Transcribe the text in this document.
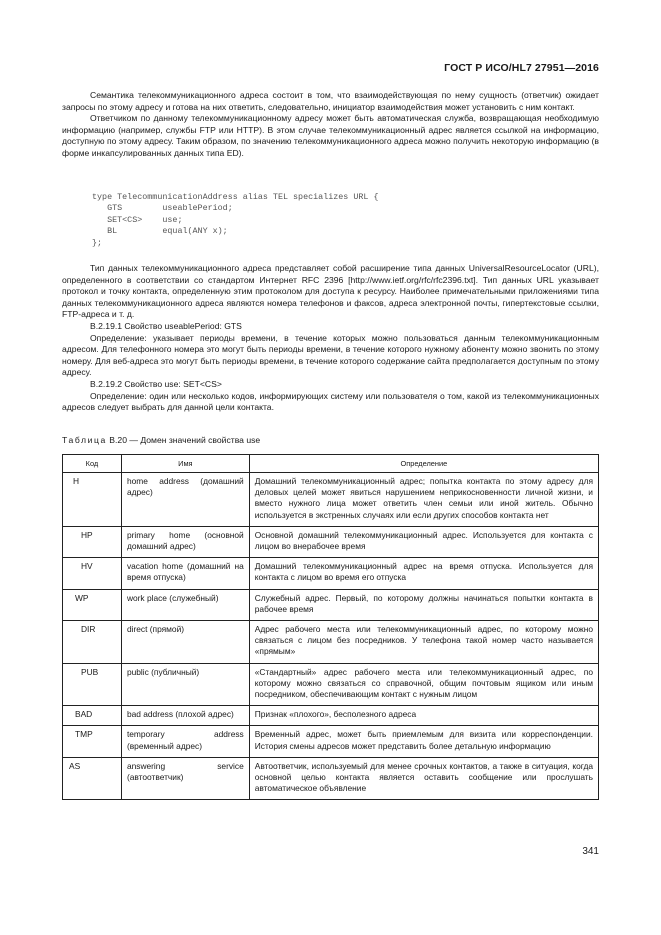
ГОСТ Р ИСО/HL7 27951—2016

Семантика телекоммуникационного адреса состоит в том, что взаимодействующая по нему сущность (ответчик) ожидает запросы по этому адресу и готова на них ответить, следовательно, инициатор взаимодействия может установить с ним контакт.

Ответчиком по данному телекоммуникационному адресу может быть автоматическая служба, возвращающая необходимую информацию (например, службы FTP или HTTP). В этом случае телекоммуникационный адрес является ссылкой на информацию, доступную по этому адресу. Таким образом, по значению телекоммуникационного адреса можно получить некоторую информацию (в форме инкапсулированных данных типа ED).

type TelecommunicationAddress alias TEL specializes URL {
GTS        useablePeriod;
SET<CS>    use;
BL         equal(ANY x);
};

Тип данных телекоммуникационного адреса представляет собой расширение типа данных UniversalResourceLocator (URL), определенного в соответствии со стандартом Интернет RFC 2396 [http://www.ietf.org/rfc/rfc2396.txt]. Тип данных URL указывает протокол и точку контакта, определенную этим протоколом для доступа к ресурсу. Наиболее примечательными приложениями типа данных телекоммуникационного адреса являются номера телефонов и факсов, адреса электронной почты, гипертекстовые ссылки, FTP-адреса и т. д.

В.2.19.1 Свойство useablePeriod: GTS

Определение: указывает периоды времени, в течение которых можно пользоваться данным телекоммуникационным адресом. Для телефонного номера это могут быть периоды времени, в течение которого нужному абоненту можно звонить по этому номеру. Для веб-адреса это могут быть периоды времени, в течение которого содержание сайта предполагается доступным по этому адресу.

В.2.19.2 Свойство use: SET<CS>

Определение: один или несколько кодов, информирующих систему или пользователя о том, какой из телекоммуникационных адресов следует выбрать для данной цели контакта.

Таблица В.20 — Домен значений свойства use
Код	Имя	Определение
H	home address (домашний адрес)	Домашний телекоммуникационный адрес; попытка контакта по этому адресу для деловых целей может явиться нарушением неприкосновенности личной жизни, и вместо нужного лица может ответить член семьи или иной житель. Обычно используется в экстренных случаях или если других способов контакта нет
HP	primary home (основной домашний адрес)	Основной домашний телекоммуникационный адрес. Используется для контакта с лицом во внерабочее время
HV	vacation home (домашний на время отпуска)	Домашний телекоммуникационный адрес на время отпуска. Используется для контакта с лицом во время его отпуска
WP	work place (служебный)	Служебный адрес. Первый, по которому должны начинаться попытки контакта в рабочее время
DIR	direct (прямой)	Адрес рабочего места или телекоммуникационный адрес, по которому можно связаться с лицом без посредников. У телефона такой номер часто называется «прямым»
PUB	public (публичный)	«Стандартный» адрес рабочего места или телекоммуникационный адрес, по которому можно связаться со справочной, общим почтовым ящиком или иным посредником, обеспечивающим контакт с нужным лицом
BAD	bad address (плохой адрес)	Признак «плохого», бесполезного адреса
TMP	temporary address (временный адрес)	Временный адрес, может быть приемлемым для визита или корреспонденции. История смены адресов может представить более детальную информацию
AS	answering service (автоответчик)	Автоответчик, используемый для менее срочных контактов, а также в ситуация, когда основной целью контакта является оставить сообщение или прослушать автоматическое объявление
341
